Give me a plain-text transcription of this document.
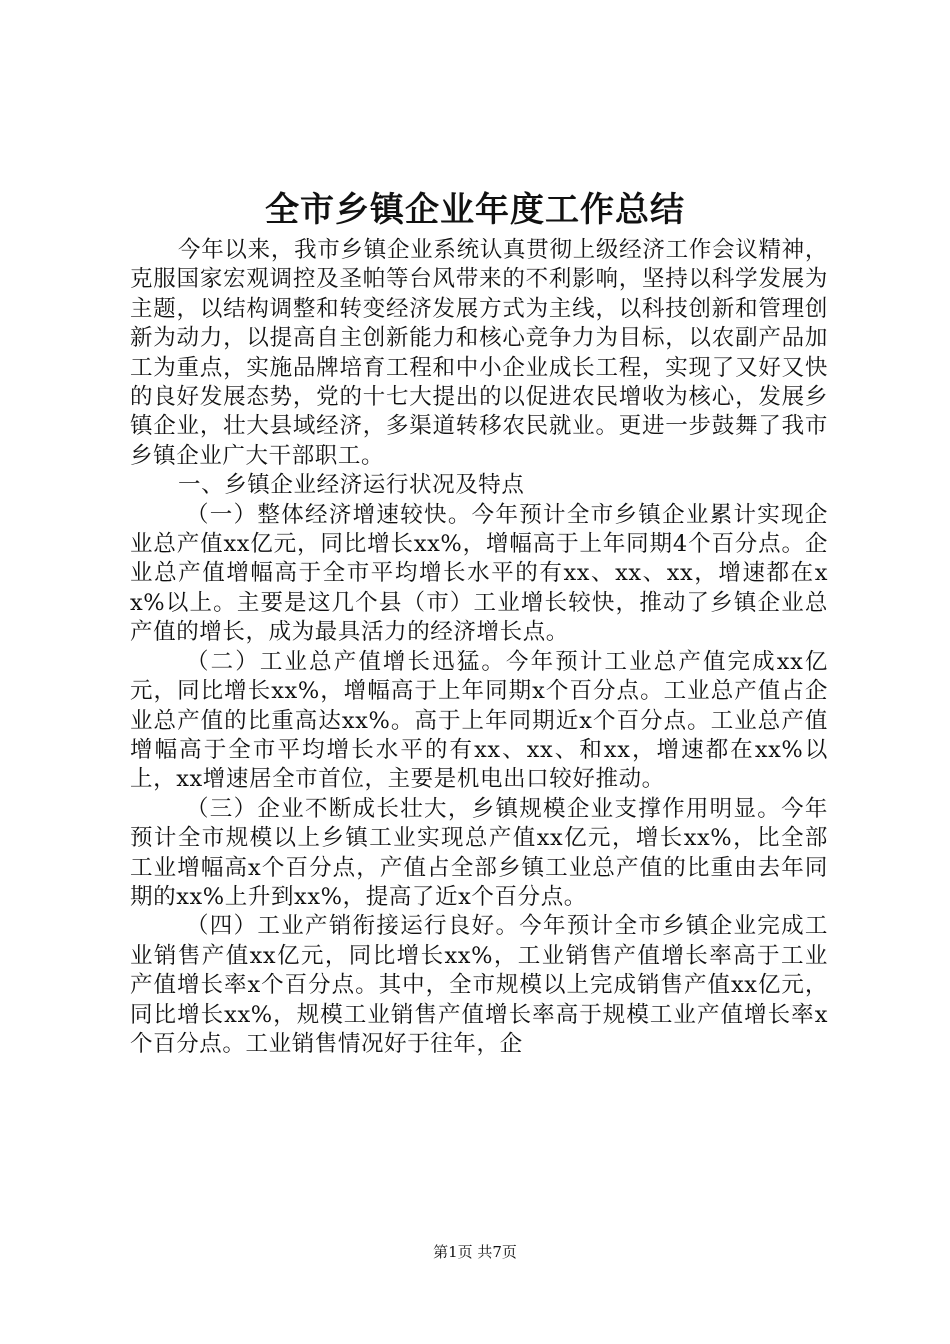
全市乡镇企业年度工作总结

今年以来，我市乡镇企业系统认真贯彻上级经济工作会议精神，克服国家宏观调控及圣帕等台风带来的不利影响，坚持以科学发展为主题，以结构调整和转变经济发展方式为主线，以科技创新和管理创新为动力，以提高自主创新能力和核心竞争力为目标，以农副产品加工为重点，实施品牌培育工程和中小企业成长工程，实现了又好又快的良好发展态势，党的十七大提出的以促进农民增收为核心，发展乡镇企业，壮大县域经济，多渠道转移农民就业。更进一步鼓舞了我市乡镇企业广大干部职工。

一、乡镇企业经济运行状况及特点

（一）整体经济增速较快。今年预计全市乡镇企业累计实现企业总产值xx亿元，同比增长xx%，增幅高于上年同期4个百分点。企业总产值增幅高于全市平均增长水平的有xx、xx、xx，增速都在xx%以上。主要是这几个县（市）工业增长较快，推动了乡镇企业总产值的增长，成为最具活力的经济增长点。

（二）工业总产值增长迅猛。今年预计工业总产值完成xx亿元，同比增长xx%，增幅高于上年同期x个百分点。工业总产值占企业总产值的比重高达xx%。高于上年同期近x个百分点。工业总产值增幅高于全市平均增长水平的有xx、xx、和xx，增速都在xx%以上，xx增速居全市首位，主要是机电出口较好推动。

（三）企业不断成长壮大，乡镇规模企业支撑作用明显。今年预计全市规模以上乡镇工业实现总产值xx亿元，增长xx%，比全部工业增幅高x个百分点，产值占全部乡镇工业总产值的比重由去年同期的xx%上升到xx%，提高了近x个百分点。

（四）工业产销衔接运行良好。今年预计全市乡镇企业完成工业销售产值xx亿元，同比增长xx%，工业销售产值增长率高于工业产值增长率x个百分点。其中，全市规模以上完成销售产值xx亿元，同比增长xx%，规模工业销售产值增长率高于规模工业产值增长率x个百分点。工业销售情况好于往年，企

第1页 共7页
